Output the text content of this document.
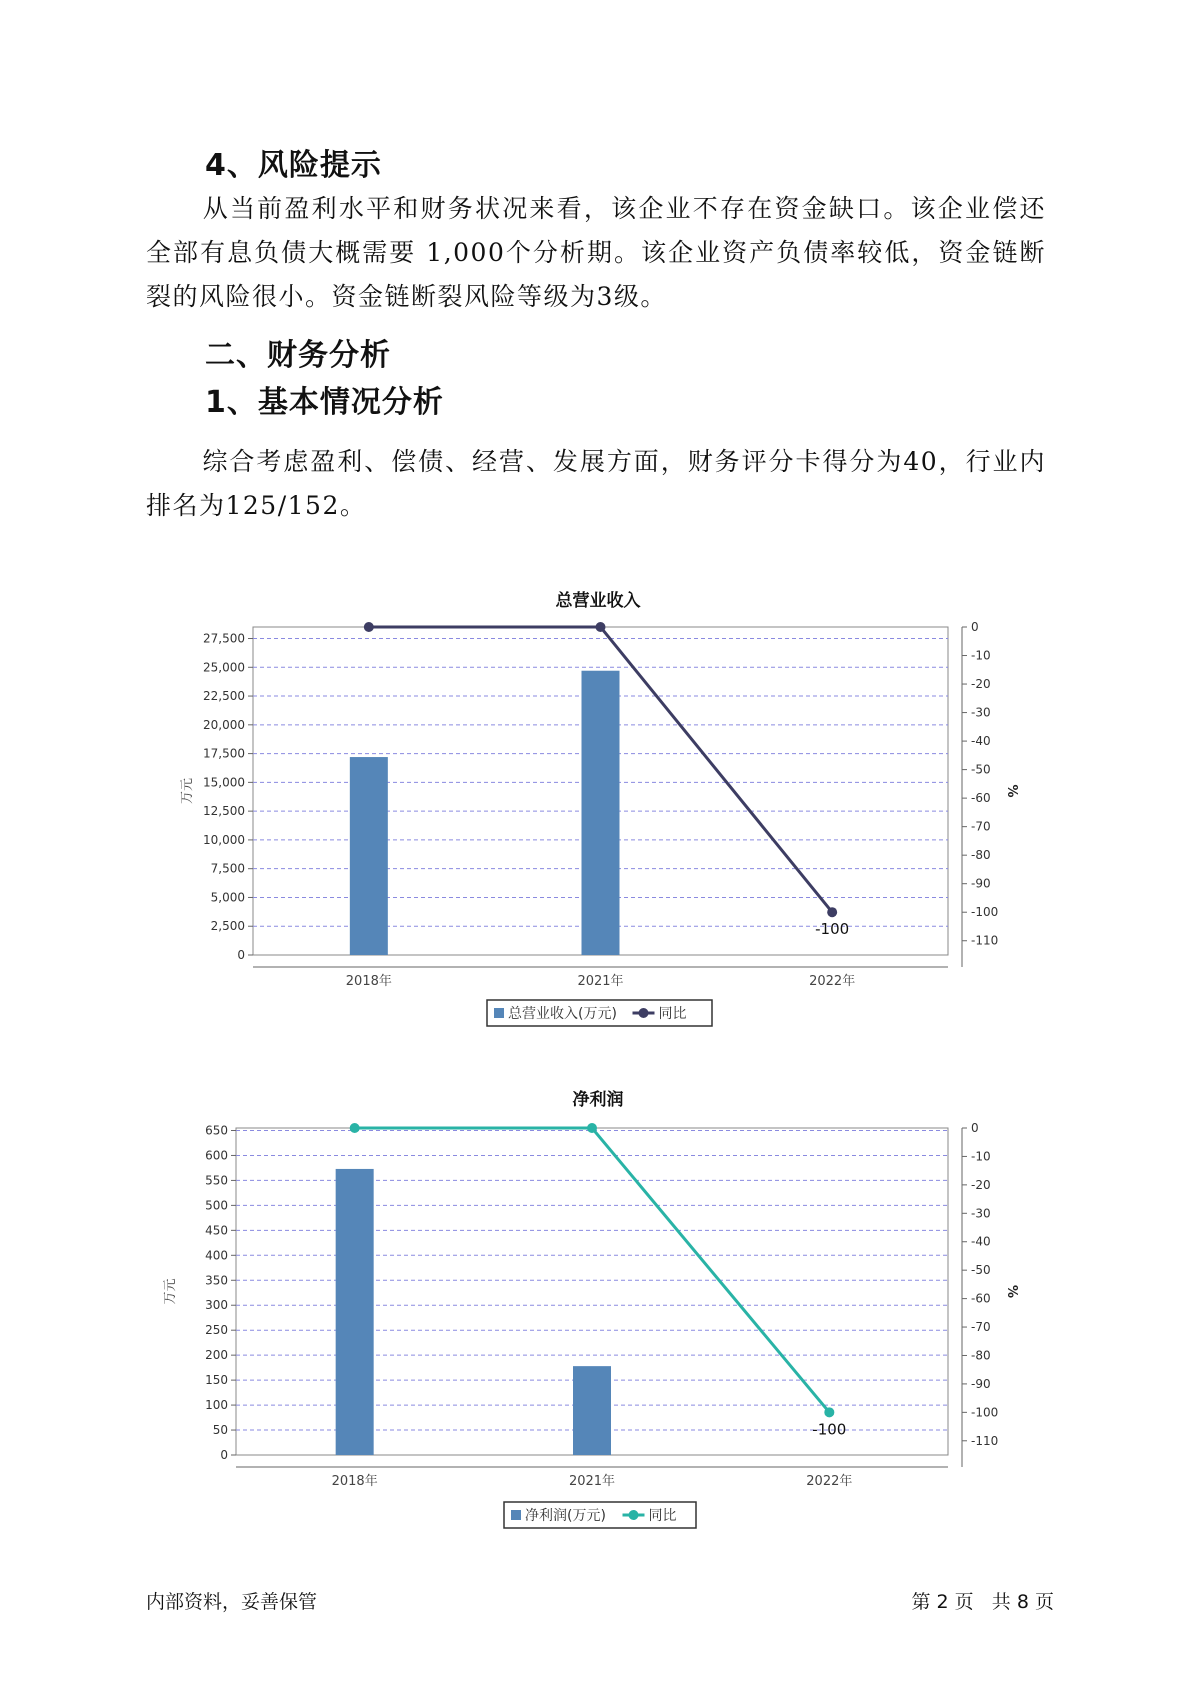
4、风险提示
从当前盈利水平和财务状况来看，该企业不存在资金缺口。该企业偿还全部有息负债大概需要 1,000个分析期。该企业资产负债率较低，资金链断裂的风险很小。资金链断裂风险等级为3级。
二、财务分析
1、基本情况分析
综合考虑盈利、偿债、经营、发展方面，财务评分卡得分为40，行业内排名为125/152。
总营业收入
0
2,500
5,000
7,500
10,000
12,500
15,000
17,500
20,000
22,500
25,000
27,500
0
-10
-20
-30
-40
-50
-60
-70
-80
-90
-100
-110
万元	%
2018年	2021年	2022年
-100
总营业收入(万元)	同比
净利润
0
50
100
150
200
250
300
350
400
450
500
550
600
650	0
-10
-20
-30
-40
-50
-60
-70
-80
-90
-100
-110
万元	%
2018年	2021年	2022年
-100
净利润(万元)	同比
内部资料，妥善保管	第 2 页 共 8 页
